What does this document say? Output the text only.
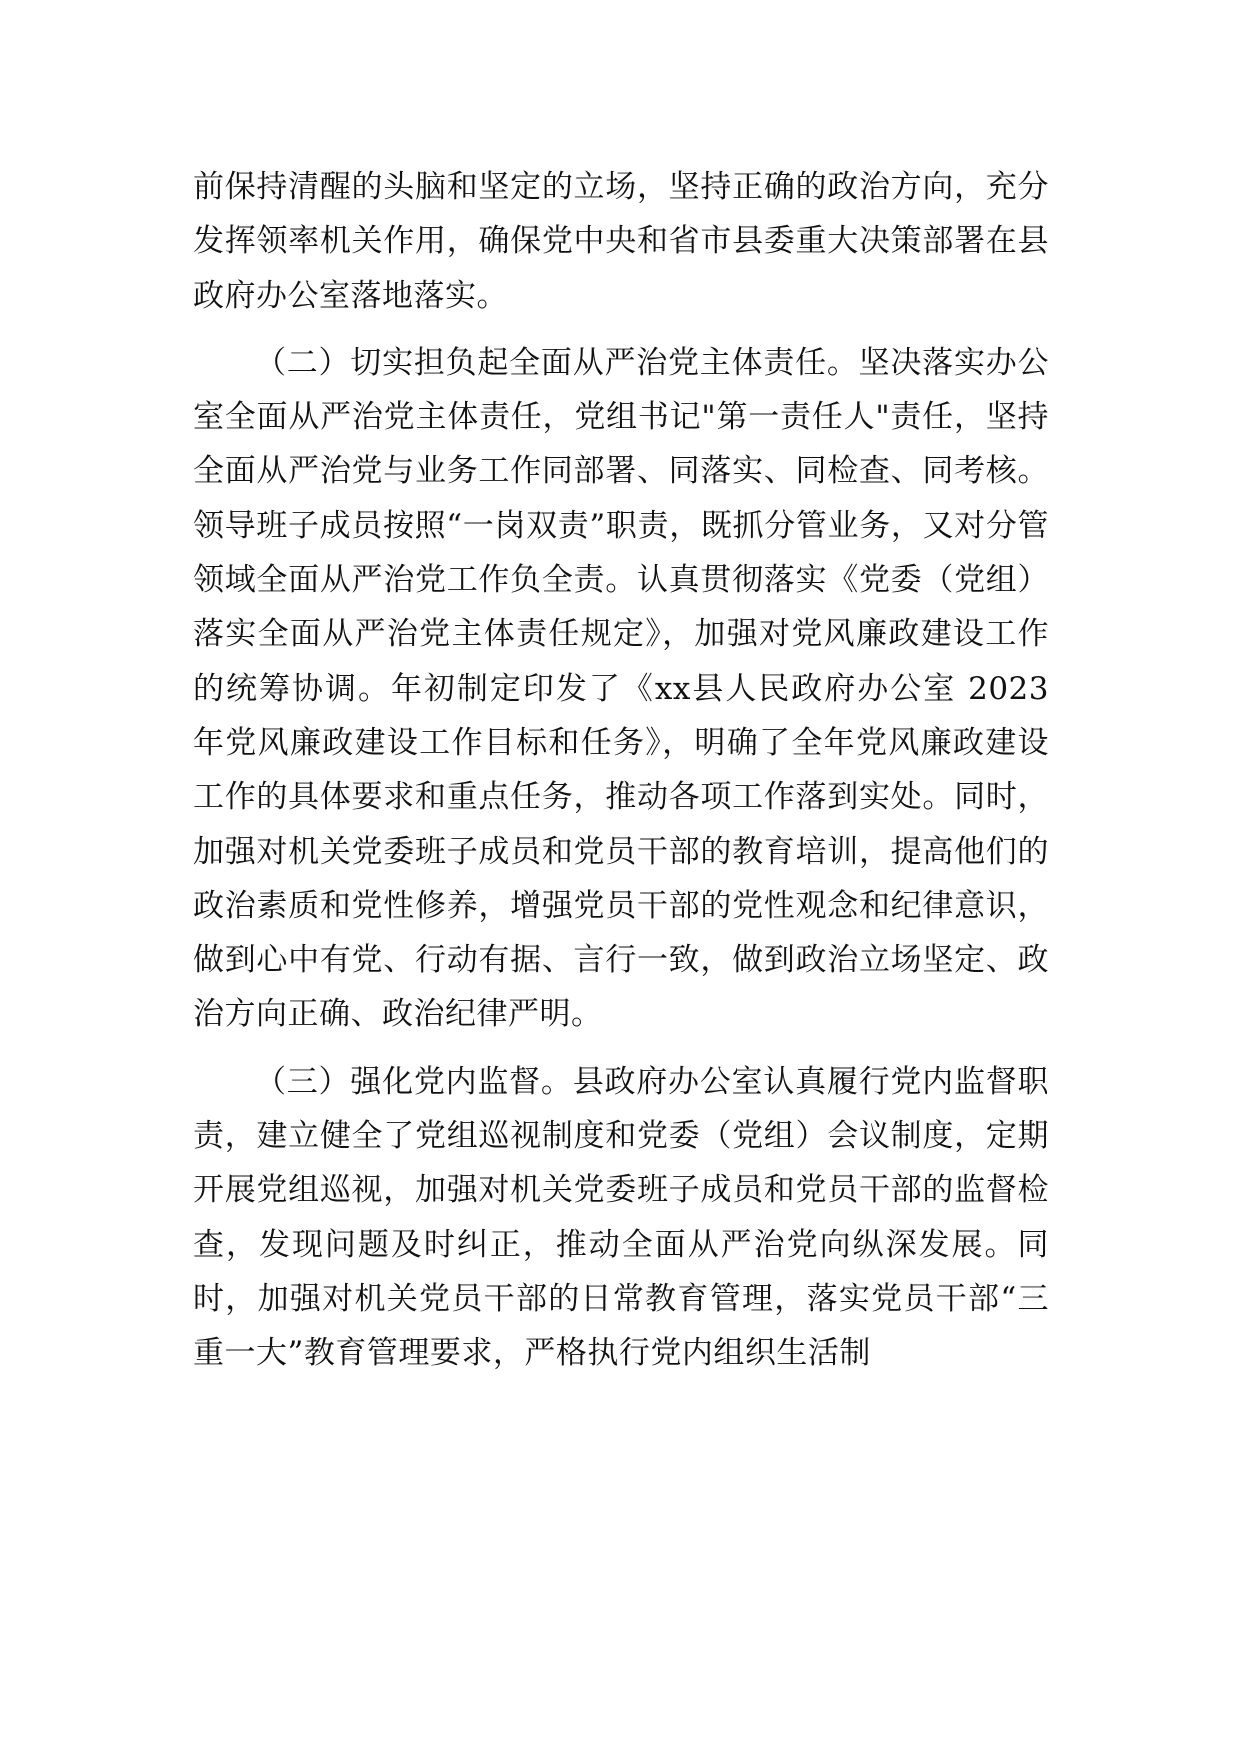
前保持清醒的头脑和坚定的立场，坚持正确的政治方向，充分发挥领率机关作用，确保党中央和省市县委重大决策部署在县政府办公室落地落实。

（二）切实担负起全面从严治党主体责任。坚决落实办公室全面从严治党主体责任，党组书记"第一责任人"责任，坚持全面从严治党与业务工作同部署、同落实、同检查、同考核。领导班子成员按照“一岗双责”职责，既抓分管业务，又对分管领域全面从严治党工作负全责。认真贯彻落实《党委（党组）落实全面从严治党主体责任规定》，加强对党风廉政建设工作的统筹协调。年初制定印发了《xx县人民政府办公室 2023 年党风廉政建设工作目标和任务》，明确了全年党风廉政建设工作的具体要求和重点任务，推动各项工作落到实处。同时，加强对机关党委班子成员和党员干部的教育培训，提高他们的政治素质和党性修养，增强党员干部的党性观念和纪律意识，做到心中有党、行动有据、言行一致，做到政治立场坚定、政治方向正确、政治纪律严明。

（三）强化党内监督。县政府办公室认真履行党内监督职责，建立健全了党组巡视制度和党委（党组）会议制度，定期开展党组巡视，加强对机关党委班子成员和党员干部的监督检查，发现问题及时纠正，推动全面从严治党向纵深发展。同时，加强对机关党员干部的日常教育管理，落实党员干部“三重一大”教育管理要求，严格执行党内组织生活制
